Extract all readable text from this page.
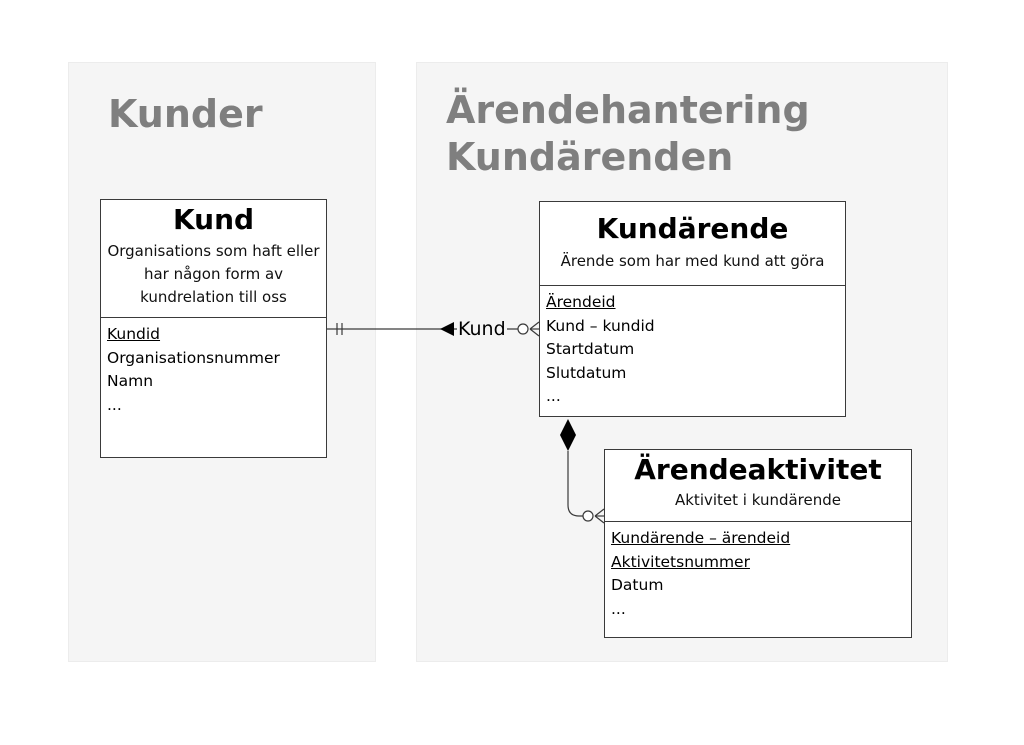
Kunder	Ärendehantering
Kundärenden
Kund
Kund
Organisations som haft eller har någon form av kundrelation till oss
Kundid
Organisationsnummer
Namn
...
Kundärende
Ärende som har med kund att göra
Ärendeid
Kund – kundid
Startdatum
Slutdatum
...
Ärendeaktivitet
Aktivitet i kundärende
Kundärende – ärendeid
Aktivitetsnummer
Datum
...
